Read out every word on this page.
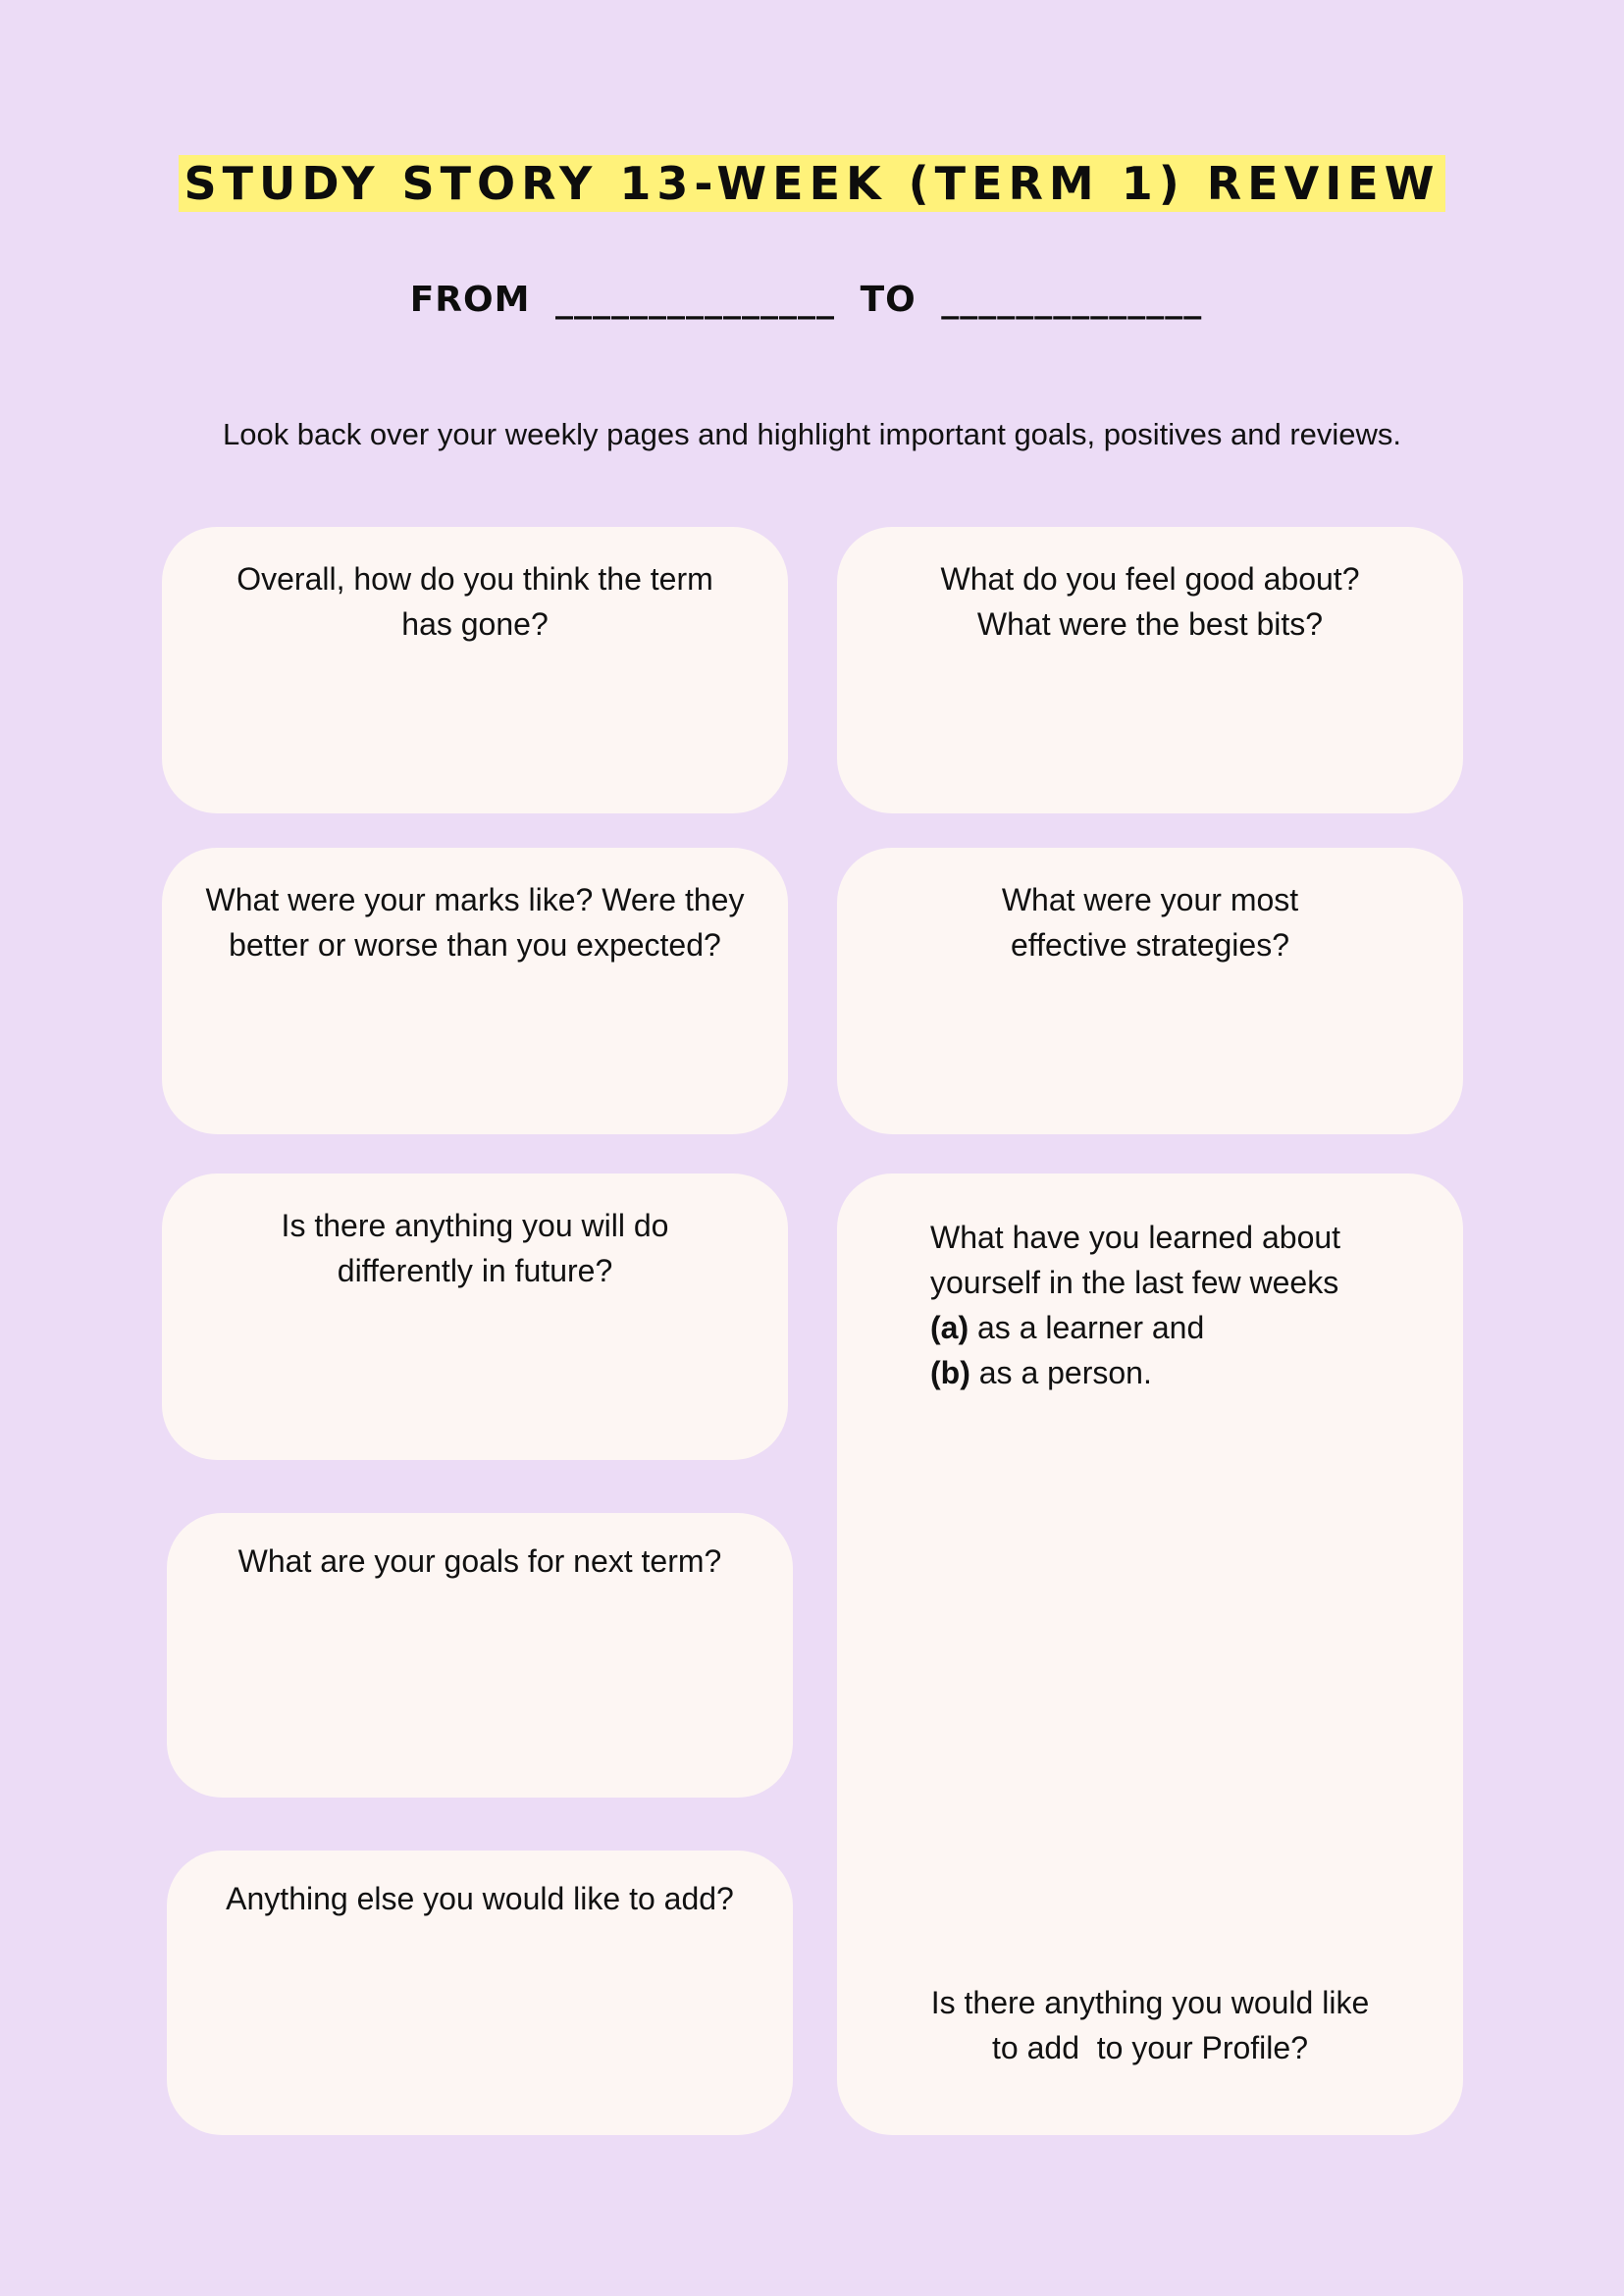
STUDY STORY 13-WEEK (TERM 1) REVIEW
FROM _______________ TO ______________
Look back over your weekly pages and highlight important goals, positives and reviews.
Overall, how do you think the term
has gone?
What do you feel good about?
What were the best bits?
What were your marks like? Were they
better or worse than you expected?
What were your most
effective strategies?
Is there anything you will do
differently in future?
What have you learned about
yourself in the last few weeks
(a) as a learner and
(b) as a person.
Is there anything you would like
to add  to your Profile?
What are your goals for next term?
Anything else you would like to add?
